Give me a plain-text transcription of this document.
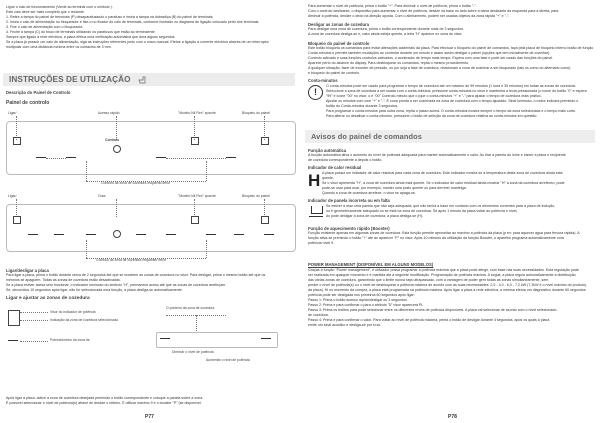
Ligue o calo de funcionamento (Verde ao terminal com o símbolo ).
Este calo deve ser mais completo que o restante.
1. Retire a tampa do painel de terminais (P) desaparafusando o parafuso e insira a tampa na dobradiça (B) do painel de terminais.
2. Insira o calo de alimentação no bloqueador e fixe-o no fixador do calo de terminais, conforme ilustrado no diagrama de ligação colocado perto dos terminais.
3. Fixe o calo de alimentação com o bloqueador.
4. Feche a tampa (C) do bloco de terminais utilizando os parafusos que estão ao terminaente.
Sempre que ligado à rede eléctrica, a placa efetua uma verificação automática que dura alguns segundos.
Se a placa já possuir um calo de alimentação, siga as instruções referentes junto com o cravo manual. Efetue a ligação à corrente eléctrica através de um interruptor
multipolar com uma distância mínima entre os contactos de 3 mm.
INSTRUÇÕES DE UTILIZAÇÃO
Descrição do Painel de Controlo
Painel de controlo
Ligar/	Acesso rápido	"Modelo Nil Flex" zpande	Bloqueio do painel
Controlo
Controlo da zona de cozedura esquerdo terior
Ligar/	Gota	"Modelo Nil Flex" zpande	Bloqueio do painel
Controlo da zona de cozedura respantier terior
Ligar/desligar a placa
Para ligar a placa, prima o botão durante cerca de 2 segundos até que se mostrem as zonas de cozedura no visor. Para desligar, prima o mesmo botão até que os
mesmos se apaguem. Todas as zonas de cozedura estão desactivadas.
Se a placa estiver acesa sem funcionar, o indicador luminoso do símbolo "H", permanece aceso até que as zonas de cozedura arrefeçam.
Se, decorridos 10 segundos após ligar, não for seleccionada uma função, a placa desliga-se automaticamente.
Ligar e ajustar as zonas de cozedura
Visor do indicador de potência
Indicação da zona de cozedura seleccionada
Potenciômetro da zona de
O ponteiro da zona de cozedura
Diminuir o nivel de potência
Aumentar o nivel de potência
Após ligar a placa, active a zona de cozedura desejada premindo o botão correspondente e coloque a panela sobre a zona.
É possível seleccionar o nível de potência(s) atravé de deslize o retinho. É utilizar máximo 9 e o booster "P" (se disponível.
P77
Para aumentar o nível de potência, prima o botão "+". Para diminuir o nível de potência, prima o botão "-".
Com o controlo deslizante, o dispositivo para aumentar o nível de potência, deslize na base no lado sobre a barra deslizante da esquerda para a direita; para
diminuir a potência, deslize o dedo na direção oposta. Com o alinhamento, podem ser usadas objetos da zona rápida "+" e "-".
Desligar as zonas de cozedura
Para desligar uma zona de cozedura, prima o botão correspondente durante mais de 3 segundos.
A zona de cozedura desliga-se e, caso ainda esteja quente, a letra "H" aparece no zona do visor.
Bloqueio do painel de controlo
Este botão bloqueia os comandos para evitar alterações acidentais da placa. Para efectuar o bloqueio do painel de comandos, faça pela placa de bloqueio interno botão de função
Conta-minutos e permite também mudações ao controlar durante um minuto e assim assim desligar o painel (opções que tem inicialmente de cozinhar).
Controlo activado e suas funções controlos activados, o acelerador de tempo mais tempo. Espera com uma fase e pode ser usado das funções do painel.
Aparece perto do alcance do display. Para desbloquear os comandos, repita o mesmo procedimento.
A qualquer situação, fazer de exceder de pressão, ou por seja a fase de cozedura, relacionam a zona de cozinhar a ser bloqueado (tais os como do alternado como)
e bloqueio do painel de controlo.
Conta-minutos
!
O conta-minutos pode ser usado para programar o tempo de cozedura até um máximo de 99 minutos (1 hora e 39 minutos) em todas as zonas de cozedura.
Seleccione a zona de cozedura a ser usada com o conta-minutos; pressione conta-minutos no visor e mantenha a tecla pressionada (o ícone do botão "0" e espera
"99" e ícone "00" no visor, o é "00" Controlo-minuto que o (que o conta-minutos "+" e "-" para ajustar o tempo de cozedura mais prático.
Ajustar os minutos com com "+" e "-". É zona pronta a ser cozinhada na zona de cozedura com o tempo ajustado. Sinal luminoso, o motor indicará premindo o
botão do Conta-minutos durante 3 segundos.
Para programar o conta-minutos para outra zona, repita o passo acima. O conta-minutos mostra sempre o tempo da zona selecionada e o tempo mais curto.
Para alterar ou desativar o conta-minutos, pressione o botão de seleção da zona de cozedura relativa ao conta-minutos em questão.
Avisos do painel de comandos
Função automática
A função automática ativa o aumento do nível de potência adequada para manter automaticamente o calor. Ao tirar a panela do lume e inserir a placa o recipiente
de cozedura correspondente a depois o botão .
Indicador de calor residual
H A placa possui um indicador de calor residual para cada zona de cozedura. Este indicador mostra se a temperatura desta zona de cozedura ainda está
quente.
Se o visor apresenta "H", a zona de cozedura ainda está quente. Se o indicador de calor residual ainda mostrar "H" a zona da cozedura arrefeceu, pode
pode-se usar para usar, por exemplo, manter uma prato quente ou para derreter manteiga.
Quando a zona de cozedura arrefece, o visor se apaga-se.
Indicador de panela incorreta ou em falta
Se estiver a usar uma panela que não seja adequada, que não tenha a base em contacto com os elementos correntes para a placa de indução,
ou é geometricamente adequado ou se está na zona de cozedura. Se após 1 minuto da placa voltar ao potência o nível,
do pode desligar a zona de cozedura, a placa desliga-se (H).
Função de aquecimento rápido (Booster)
Função existente apenas em algumas zonas de cozedura. Esta função permite aproveitar ao máximo a potência da placa (p ex: para aquecer água para fervura rápida). A
função ativa-se premindo o botão "+" até ao aparecer "P" no visor. Após 10 minutos da utilização da função Booster, o aparelho programa automaticamente uma
potência nível 9.
POWER MANAGEMENT (DISPONÍVEL EM ALGUNS MODELOS)
Graças à função "Power management", é utilizador possa programar a potência máxima que a placa pode atingir, com base nas suas necessidades. Esta regulação pode
ser realizada em qualquer momento e é mantida até à seguinte modificação. Programação de potência máxima. A seguir, a placa regula automaticamente a distribuição
das várias zonas de cozedura, garantindo que o limite nunca seja ultrapassado, com a vantagem de poder gerir todas as zonas simultaneamente, sem
perder o nível de potência(s) ou o nível de desbloquear a potência máxima de acordo com as suas necessidades: 2,5 - 4,0 - 6,0 - 7,2 kW (7,2kW é o nível máximo do produto).
da placa). Hi no momento da compra, a placa está programada na potência máxima. Após ligar a placa à rede eléctrica, a mesma efetua um diagnóstico durante 60 segundos
potência pode ser desligada nos primeiros 60 segundos após ligar:
Passo 1: Prima o botão acesso rápido/desligar ou 3 segundos
Passo 2: Prima e para confirmar o para o atributo "5" visor aparecerá PL
Passo 3: Prima os botões para pode selecionar entre os diferentes níveis de potência disponíveis. A placa vai selecionar de acordo com o nível selecionado.
de cozedura.
Passo 4: Prima e para confirmar o valor. Para voltar ao nível de potência máxima, prima o botão de desligar durante 4 segundos, após os quais a placa
emite um sinal acústico e desliga-se por si só.
P78
